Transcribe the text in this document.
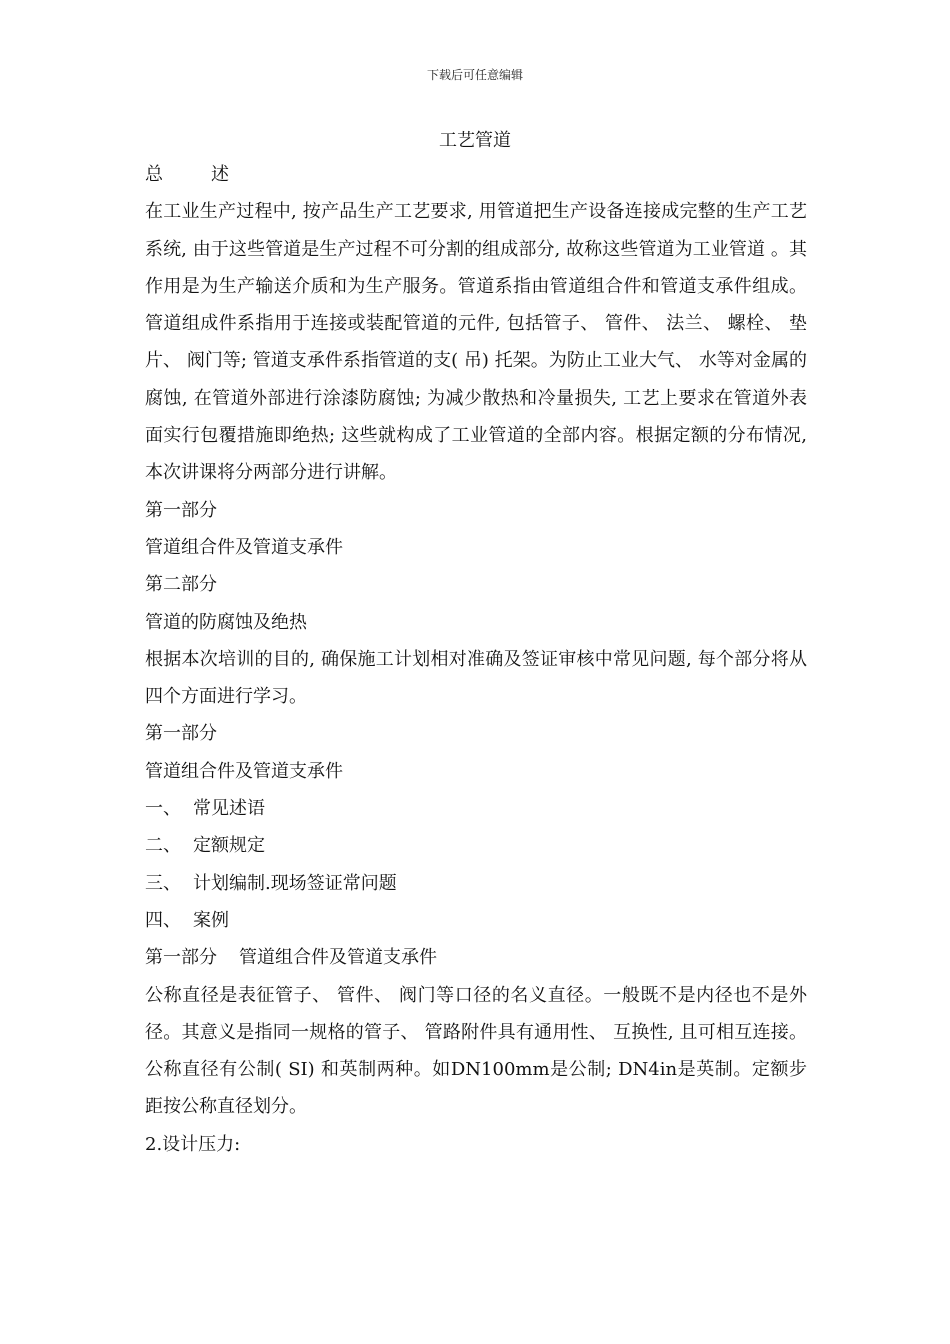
下载后可任意编辑
工艺管道

总	述

在工业生产过程中, 按产品生产工艺要求, 用管道把生产设备连接成完整的生产工艺系统, 由于这些管道是生产过程不可分割的组成部分, 故称这些管道为工业管道 。其作用是为生产输送介质和为生产服务。管道系指由管道组合件和管道支承件组成。管道组成件系指用于连接或装配管道的元件, 包括管子、 管件、 法兰、 螺栓、 垫片、 阀门等; 管道支承件系指管道的支( 吊) 托架。为防止工业大气、 水等对金属的腐蚀, 在管道外部进行涂漆防腐蚀; 为减少散热和冷量损失, 工艺上要求在管道外表面实行包覆措施即绝热; 这些就构成了工业管道的全部内容。根据定额的分布情况, 本次讲课将分两部分进行讲解。

第一部分

管道组合件及管道支承件

第二部分

管道的防腐蚀及绝热

根据本次培训的目的, 确保施工计划相对准确及签证审核中常见问题, 每个部分将从四个方面进行学习。

第一部分

管道组合件及管道支承件

一、 常见述语

二、 定额规定

三、 计划编制.现场签证常问题

四、 案例

第一部分 管道组合件及管道支承件

公称直径是表征管子、 管件、 阀门等口径的名义直径。一般既不是内径也不是外径。其意义是指同一规格的管子、 管路附件具有通用性、 互换性, 且可相互连接。公称直径有公制( SI) 和英制两种。如DN100mm是公制; DN4in是英制。定额步距按公称直径划分。

2.设计压力:
